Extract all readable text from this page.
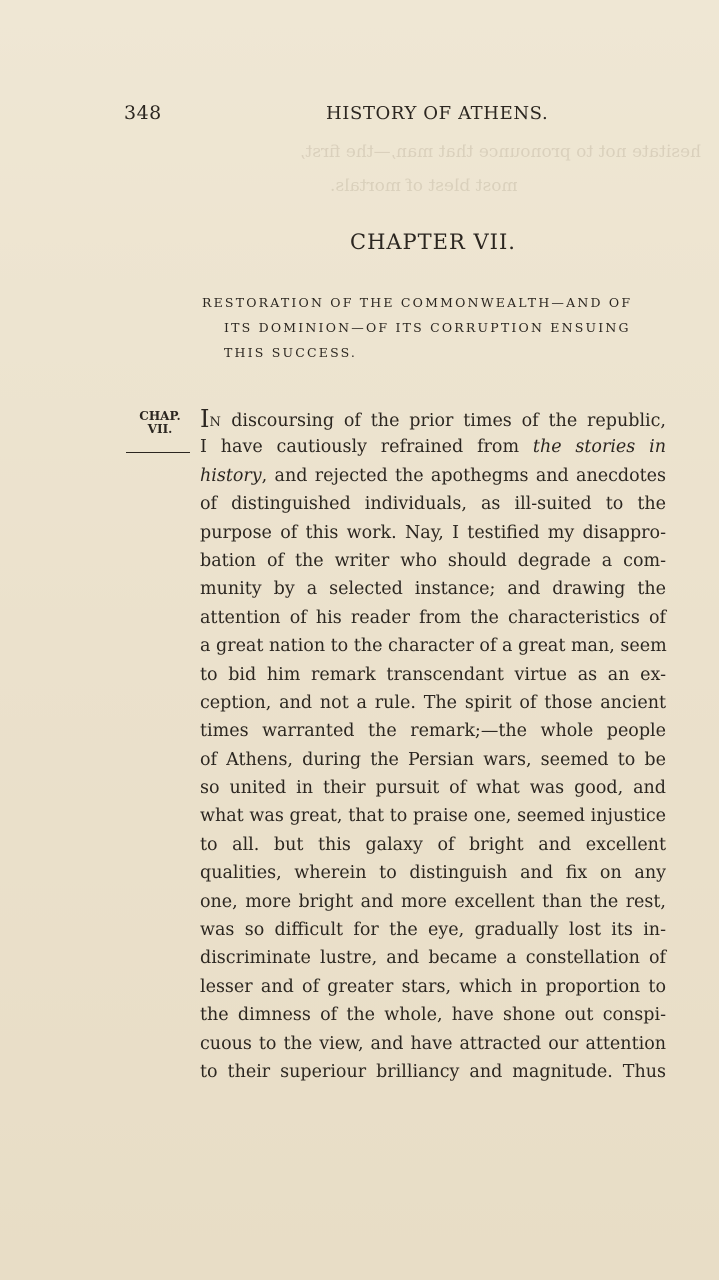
hesitate not to pronounce that man,—the first,
most blest of mortals.
348	HISTORY OF ATHENS.
CHAPTER VII.
RESTORATION OF THE COMMONWEALTH—AND OF
ITS DOMINION—OF ITS CORRUPTION ENSUING
THIS SUCCESS.
CHAP.
VII.	IN discoursing of the prior times of the republic,
I have cautiously refrained from the stories in
history, and rejected the apothegms and anecdotes
of distinguished individuals, as ill-suited to the
purpose of this work. Nay, I testified my disappro-
bation of the writer who should degrade a com-
munity by a selected instance; and drawing the
attention of his reader from the characteristics of
a great nation to the character of a great man, seem
to bid him remark transcendant virtue as an ex-
ception, and not a rule. The spirit of those ancient
times warranted the remark;—the whole people
of Athens, during the Persian wars, seemed to be
so united in their pursuit of what was good, and
what was great, that to praise one, seemed injustice
to all. but this galaxy of bright and excellent
qualities, wherein to distinguish and fix on any
one, more bright and more excellent than the rest,
was so difficult for the eye, gradually lost its in-
discriminate lustre, and became a constellation of
lesser and of greater stars, which in proportion to
the dimness of the whole, have shone out conspi-
cuous to the view, and have attracted our attention
to their superiour brilliancy and magnitude. Thus
